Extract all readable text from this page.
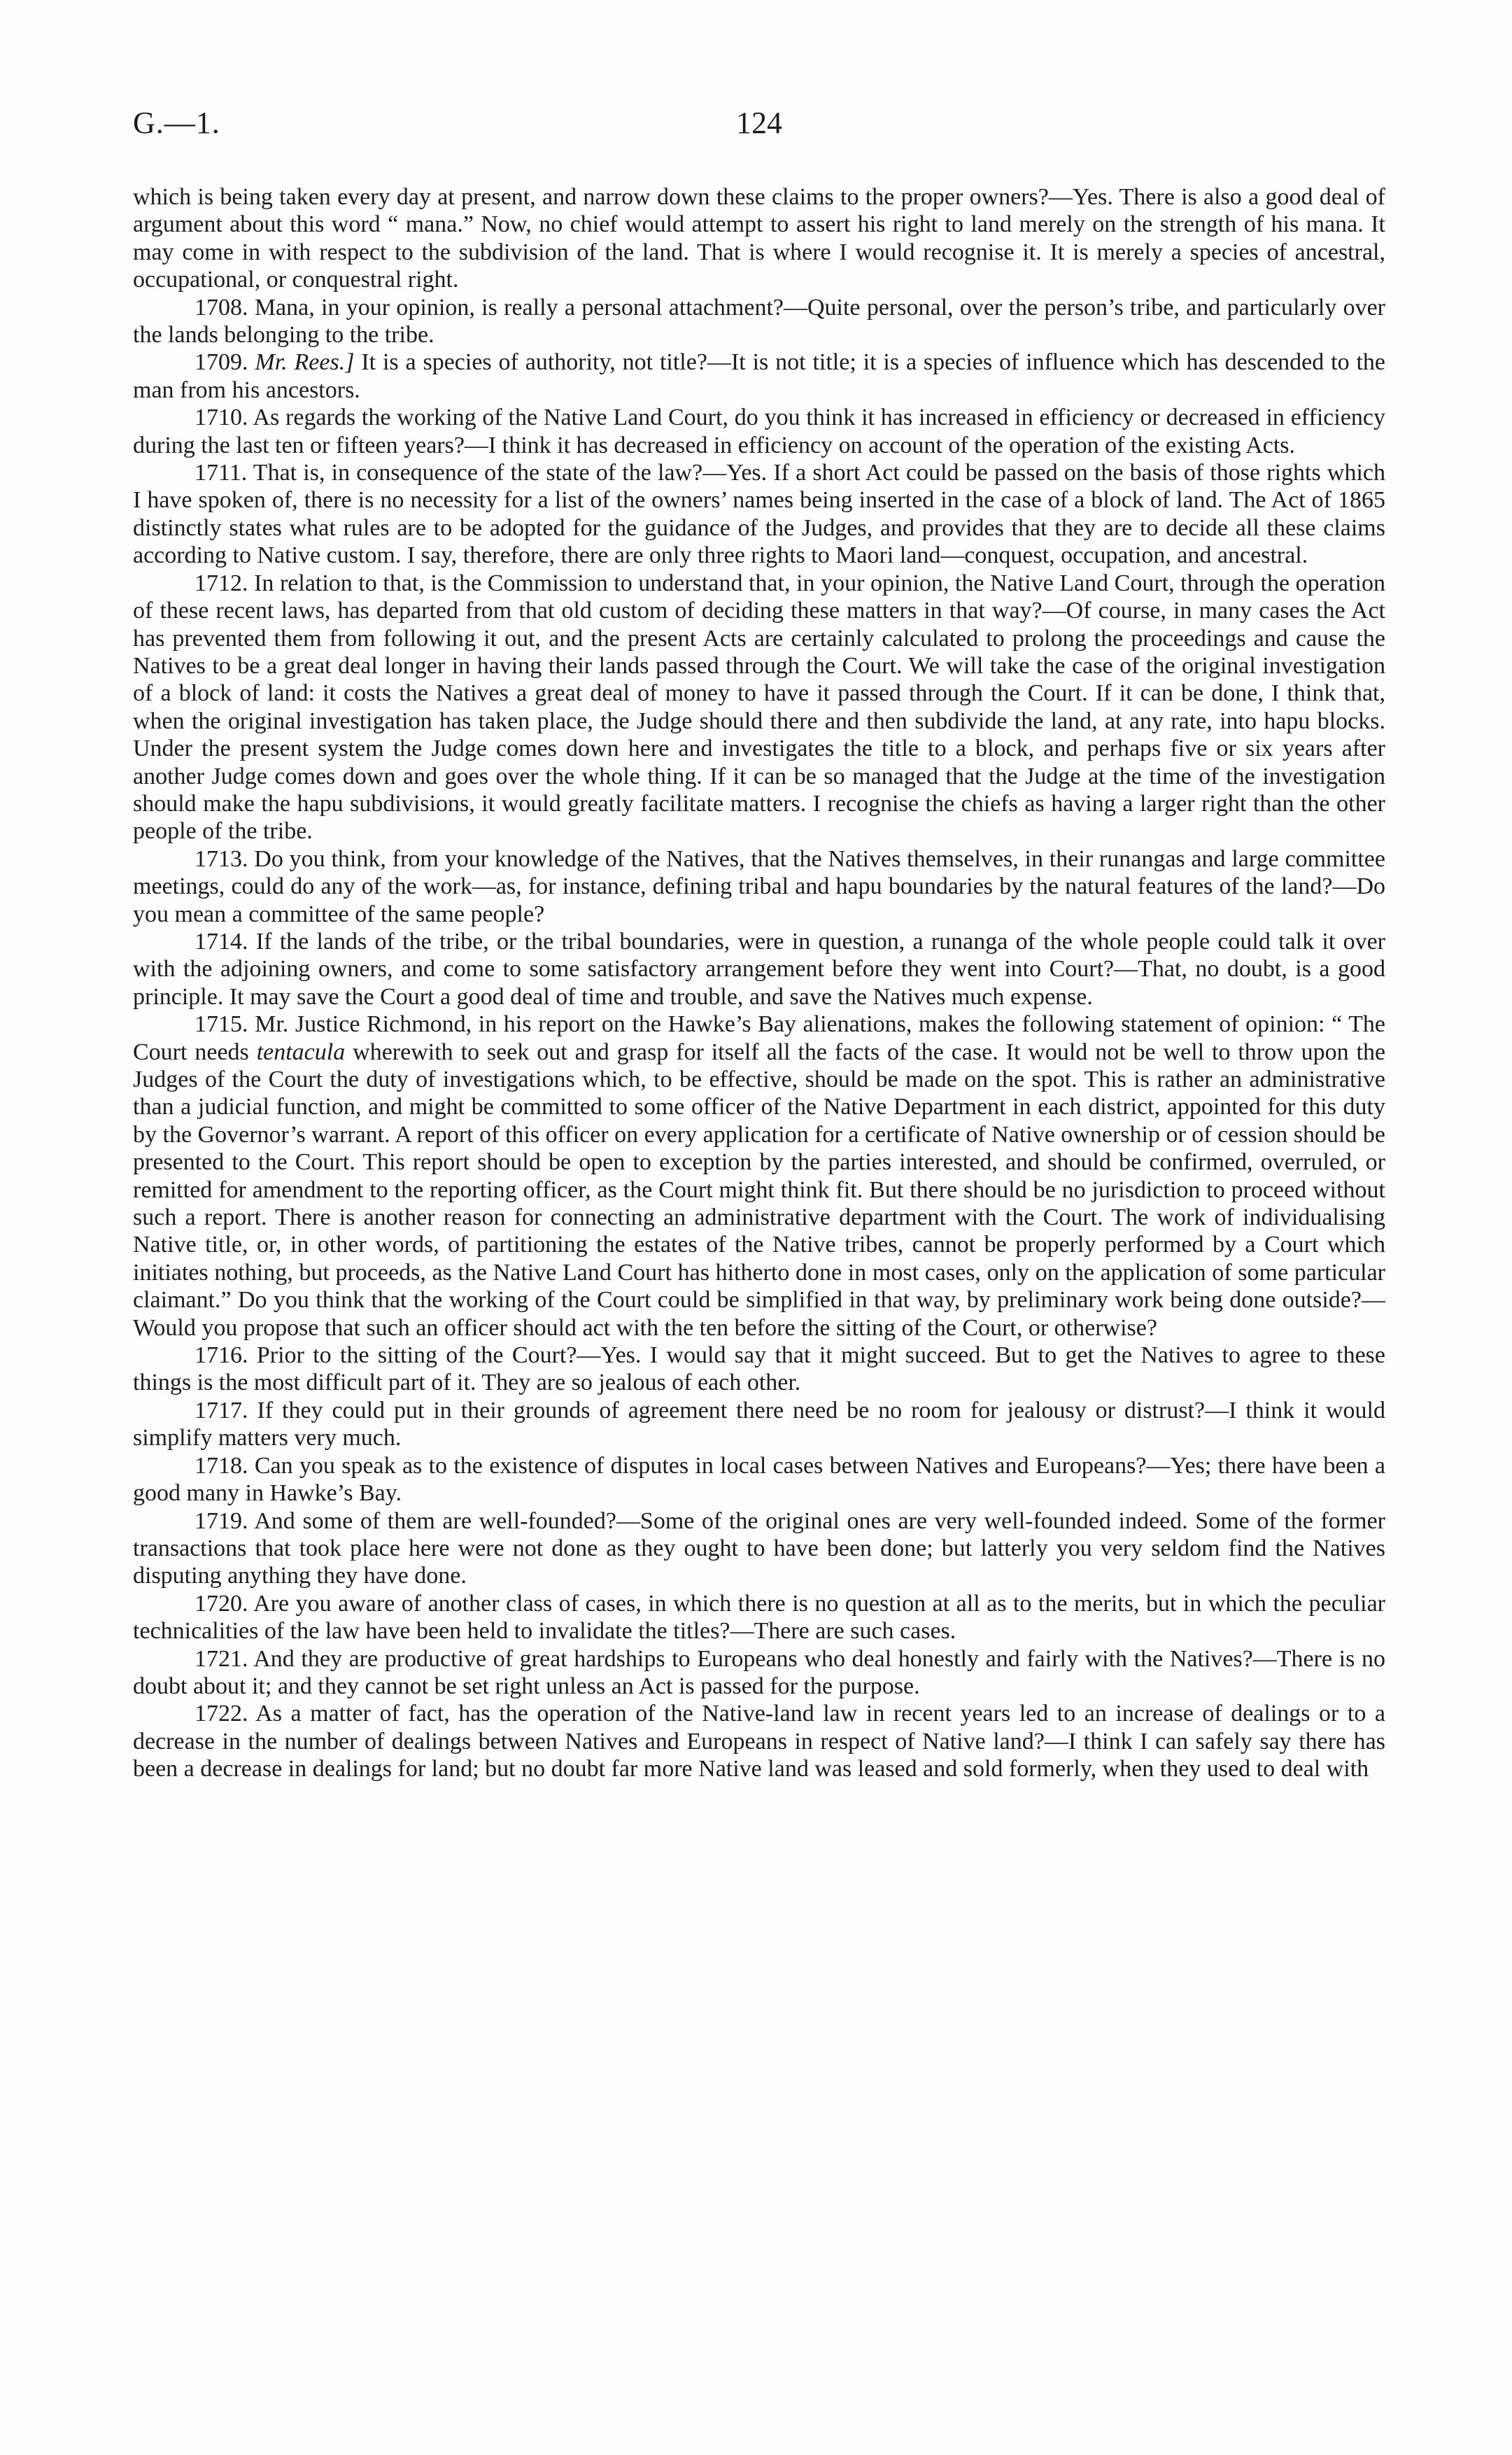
G.—1.	124

which is being taken every day at present, and narrow down these claims to the proper owners?—Yes. There is also a good deal of argument about this word “ mana.” Now, no chief would attempt to assert his right to land merely on the strength of his mana. It may come in with respect to the subdivision of the land. That is where I would recognise it. It is merely a species of ancestral, occupational, or conquestral right.

1708. Mana, in your opinion, is really a personal attachment?—Quite personal, over the person’s tribe, and particularly over the lands belonging to the tribe.

1709. Mr. Rees.] It is a species of authority, not title?—It is not title; it is a species of influence which has descended to the man from his ancestors.

1710. As regards the working of the Native Land Court, do you think it has increased in efficiency or decreased in efficiency during the last ten or fifteen years?—I think it has decreased in efficiency on account of the operation of the existing Acts.

1711. That is, in consequence of the state of the law?—Yes. If a short Act could be passed on the basis of those rights which I have spoken of, there is no necessity for a list of the owners’ names being inserted in the case of a block of land. The Act of 1865 distinctly states what rules are to be adopted for the guidance of the Judges, and provides that they are to decide all these claims according to Native custom. I say, therefore, there are only three rights to Maori land—conquest, occupation, and ancestral.

1712. In relation to that, is the Commission to understand that, in your opinion, the Native Land Court, through the operation of these recent laws, has departed from that old custom of deciding these matters in that way?—Of course, in many cases the Act has prevented them from following it out, and the present Acts are certainly calculated to prolong the proceedings and cause the Natives to be a great deal longer in having their lands passed through the Court. We will take the case of the original investigation of a block of land: it costs the Natives a great deal of money to have it passed through the Court. If it can be done, I think that, when the original investigation has taken place, the Judge should there and then subdivide the land, at any rate, into hapu blocks. Under the present system the Judge comes down here and investigates the title to a block, and perhaps five or six years after another Judge comes down and goes over the whole thing. If it can be so managed that the Judge at the time of the investigation should make the hapu subdivisions, it would greatly facilitate matters. I recognise the chiefs as having a larger right than the other people of the tribe.

1713. Do you think, from your knowledge of the Natives, that the Natives themselves, in their runangas and large committee meetings, could do any of the work—as, for instance, defining tribal and hapu boundaries by the natural features of the land?—Do you mean a committee of the same people?

1714. If the lands of the tribe, or the tribal boundaries, were in question, a runanga of the whole people could talk it over with the adjoining owners, and come to some satisfactory arrangement before they went into Court?—That, no doubt, is a good principle. It may save the Court a good deal of time and trouble, and save the Natives much expense.

1715. Mr. Justice Richmond, in his report on the Hawke’s Bay alienations, makes the following statement of opinion: “ The Court needs tentacula wherewith to seek out and grasp for itself all the facts of the case. It would not be well to throw upon the Judges of the Court the duty of investigations which, to be effective, should be made on the spot. This is rather an administrative than a judicial function, and might be committed to some officer of the Native Department in each district, appointed for this duty by the Governor’s warrant. A report of this officer on every application for a certificate of Native ownership or of cession should be presented to the Court. This report should be open to exception by the parties interested, and should be confirmed, overruled, or remitted for amendment to the reporting officer, as the Court might think fit. But there should be no jurisdiction to proceed without such a report. There is another reason for connecting an administrative department with the Court. The work of individualising Native title, or, in other words, of partitioning the estates of the Native tribes, cannot be properly performed by a Court which initiates nothing, but proceeds, as the Native Land Court has hitherto done in most cases, only on the application of some particular claimant.” Do you think that the working of the Court could be simplified in that way, by preliminary work being done outside?—Would you propose that such an officer should act with the ten before the sitting of the Court, or otherwise?

1716. Prior to the sitting of the Court?—Yes. I would say that it might succeed. But to get the Natives to agree to these things is the most difficult part of it. They are so jealous of each other.

1717. If they could put in their grounds of agreement there need be no room for jealousy or distrust?—I think it would simplify matters very much.

1718. Can you speak as to the existence of disputes in local cases between Natives and Europeans?—Yes; there have been a good many in Hawke’s Bay.

1719. And some of them are well-founded?—Some of the original ones are very well-founded indeed. Some of the former transactions that took place here were not done as they ought to have been done; but latterly you very seldom find the Natives disputing anything they have done.

1720. Are you aware of another class of cases, in which there is no question at all as to the merits, but in which the peculiar technicalities of the law have been held to invalidate the titles?—There are such cases.

1721. And they are productive of great hardships to Europeans who deal honestly and fairly with the Natives?—There is no doubt about it; and they cannot be set right unless an Act is passed for the purpose.

1722. As a matter of fact, has the operation of the Native-land law in recent years led to an increase of dealings or to a decrease in the number of dealings between Natives and Europeans in respect of Native land?—I think I can safely say there has been a decrease in dealings for land; but no doubt far more Native land was leased and sold formerly, when they used to deal with
